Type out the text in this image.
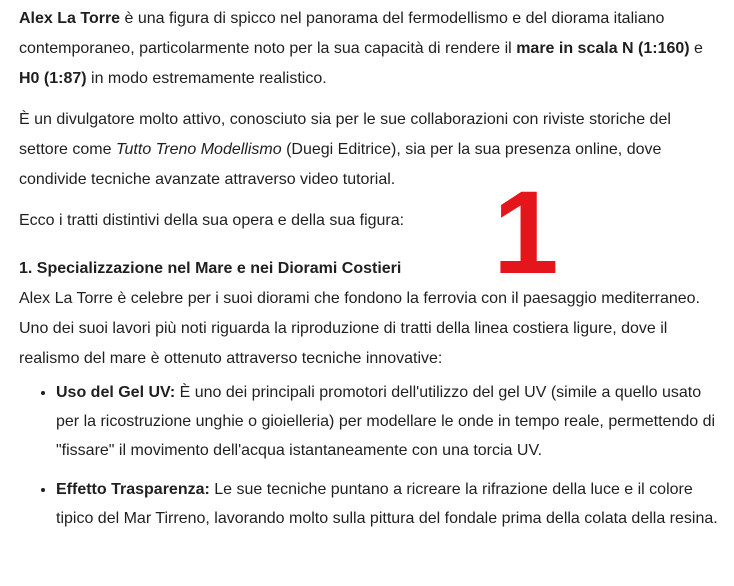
Alex La Torre è una figura di spicco nel panorama del fermodellismo e del diorama italiano contemporaneo, particolarmente noto per la sua capacità di rendere il mare in scala N (1:160) e H0 (1:87) in modo estremamente realistico.

È un divulgatore molto attivo, conosciuto sia per le sue collaborazioni con riviste storiche del settore come Tutto Treno Modellismo (Duegi Editrice), sia per la sua presenza online, dove condivide tecniche avanzate attraverso video tutorial.

Ecco i tratti distintivi della sua opera e della sua figura:

1. Specializzazione nel Mare e nei Diorami Costieri

Alex La Torre è celebre per i suoi diorami che fondono la ferrovia con il paesaggio mediterraneo. Uno dei suoi lavori più noti riguarda la riproduzione di tratti della linea costiera ligure, dove il realismo del mare è ottenuto attraverso tecniche innovative:

• Uso del Gel UV: È uno dei principali promotori dell'utilizzo del gel UV (simile a quello usato per la ricostruzione unghie o gioielleria) per modellare le onde in tempo reale, permettendo di "fissare" il movimento dell'acqua istantaneamente con una torcia UV.
• Effetto Trasparenza: Le sue tecniche puntano a ricreare la rifrazione della luce e il colore tipico del Mar Tirreno, lavorando molto sulla pittura del fondale prima della colata della resina.
1
